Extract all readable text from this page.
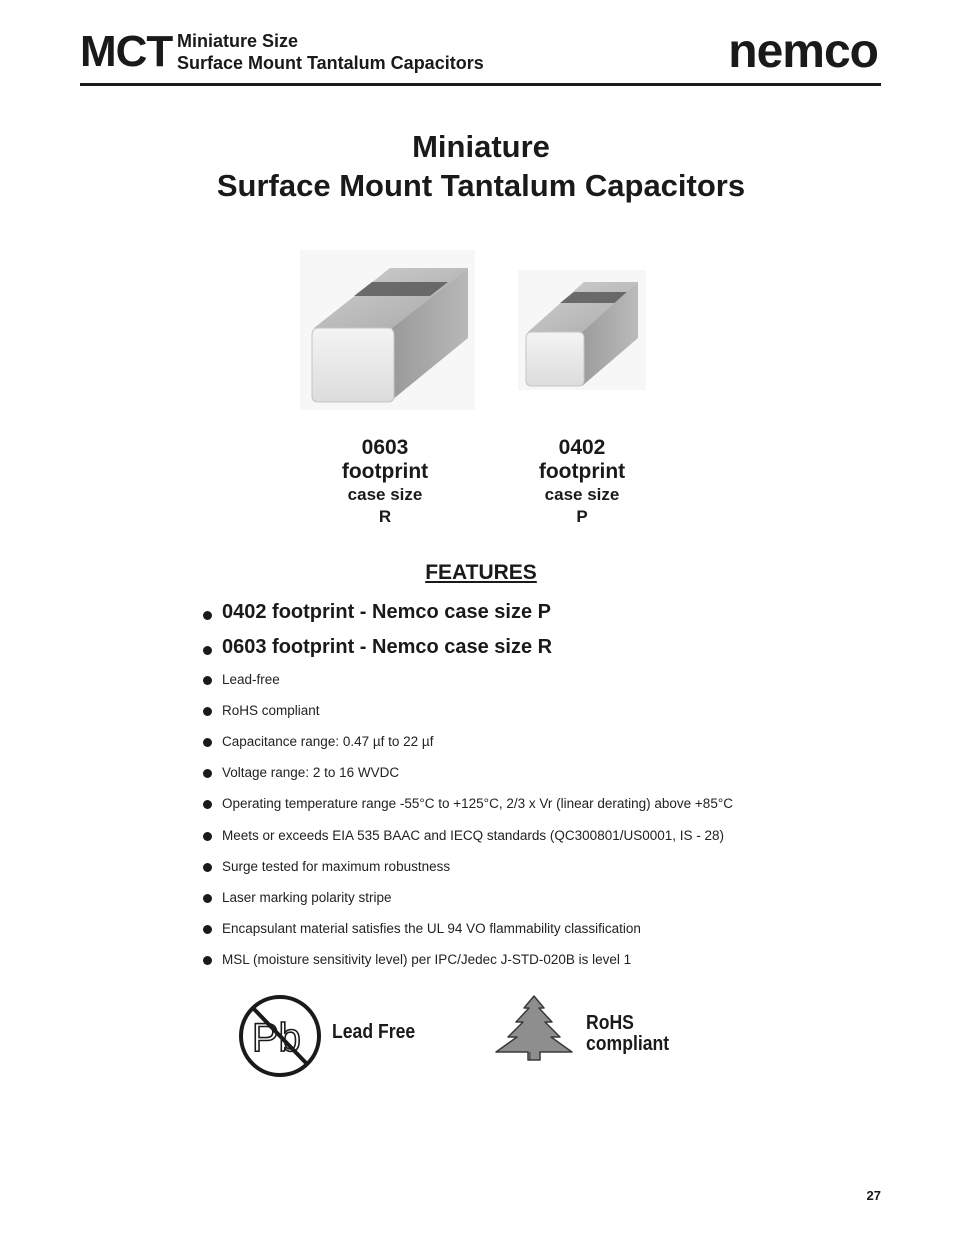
MCT Miniature Size
Surface Mount Tantalum Capacitors	nemco
Miniature
Surface Mount Tantalum Capacitors
0603
footprint
case size
R
0402
footprint
case size
P
FEATURES
0402 footprint - Nemco case size P
0603 footprint - Nemco case size R
Lead-free
RoHS compliant
Capacitance range: 0.47 µf to 22 µf
Voltage range: 2 to 16 WVDC
Operating temperature range -55°C to +125°C, 2/3 x Vr (linear derating) above +85°C
Meets or exceeds EIA 535 BAAC and IECQ standards (QC300801/US0001, IS - 28)
Surge tested for maximum robustness
Laser marking polarity stripe
Encapsulant material satisfies the UL 94 VO flammability classification
MSL (moisture sensitivity level) per IPC/Jedec J-STD-020B is level 1
Pb Lead Free	RoHS
compliant
27
